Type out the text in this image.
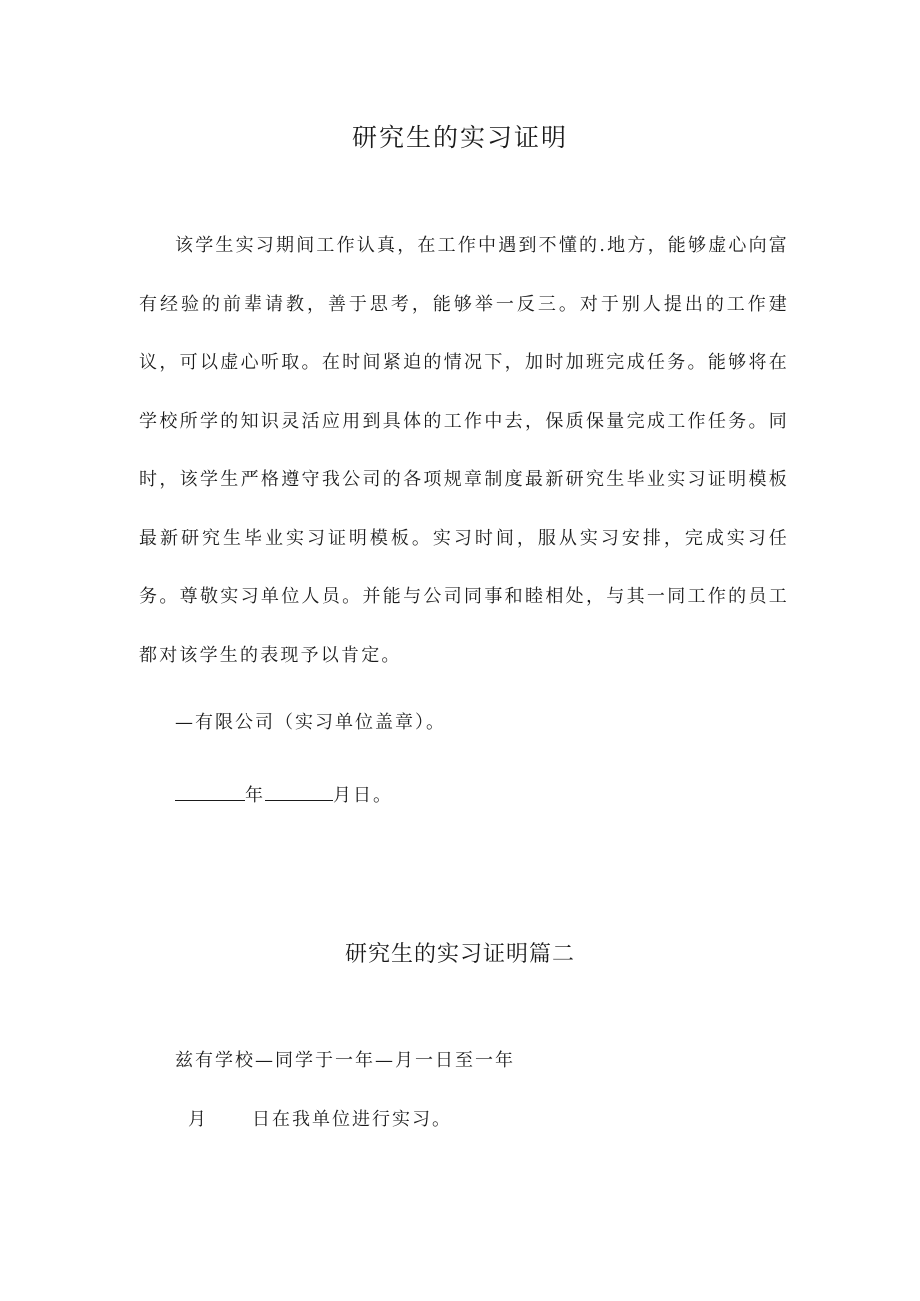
研究生的实习证明

该学生实习期间工作认真，在工作中遇到不懂的.地方，能够虚心向富有经验的前辈请教，善于思考，能够举一反三。对于别人提出的工作建议，可以虚心听取。在时间紧迫的情况下，加时加班完成任务。能够将在学校所学的知识灵活应用到具体的工作中去，保质保量完成工作任务。同时，该学生严格遵守我公司的各项规章制度最新研究生毕业实习证明模板最新研究生毕业实习证明模板。实习时间，服从实习安排，完成实习任务。尊敬实习单位人员。并能与公司同事和睦相处，与其一同工作的员工都对该学生的表现予以肯定。

—有限公司（实习单位盖章）。
年	月日。
研究生的实习证明篇二
兹有学校—同学于一年—月一日至一年
月 日在我单位进行实习。
